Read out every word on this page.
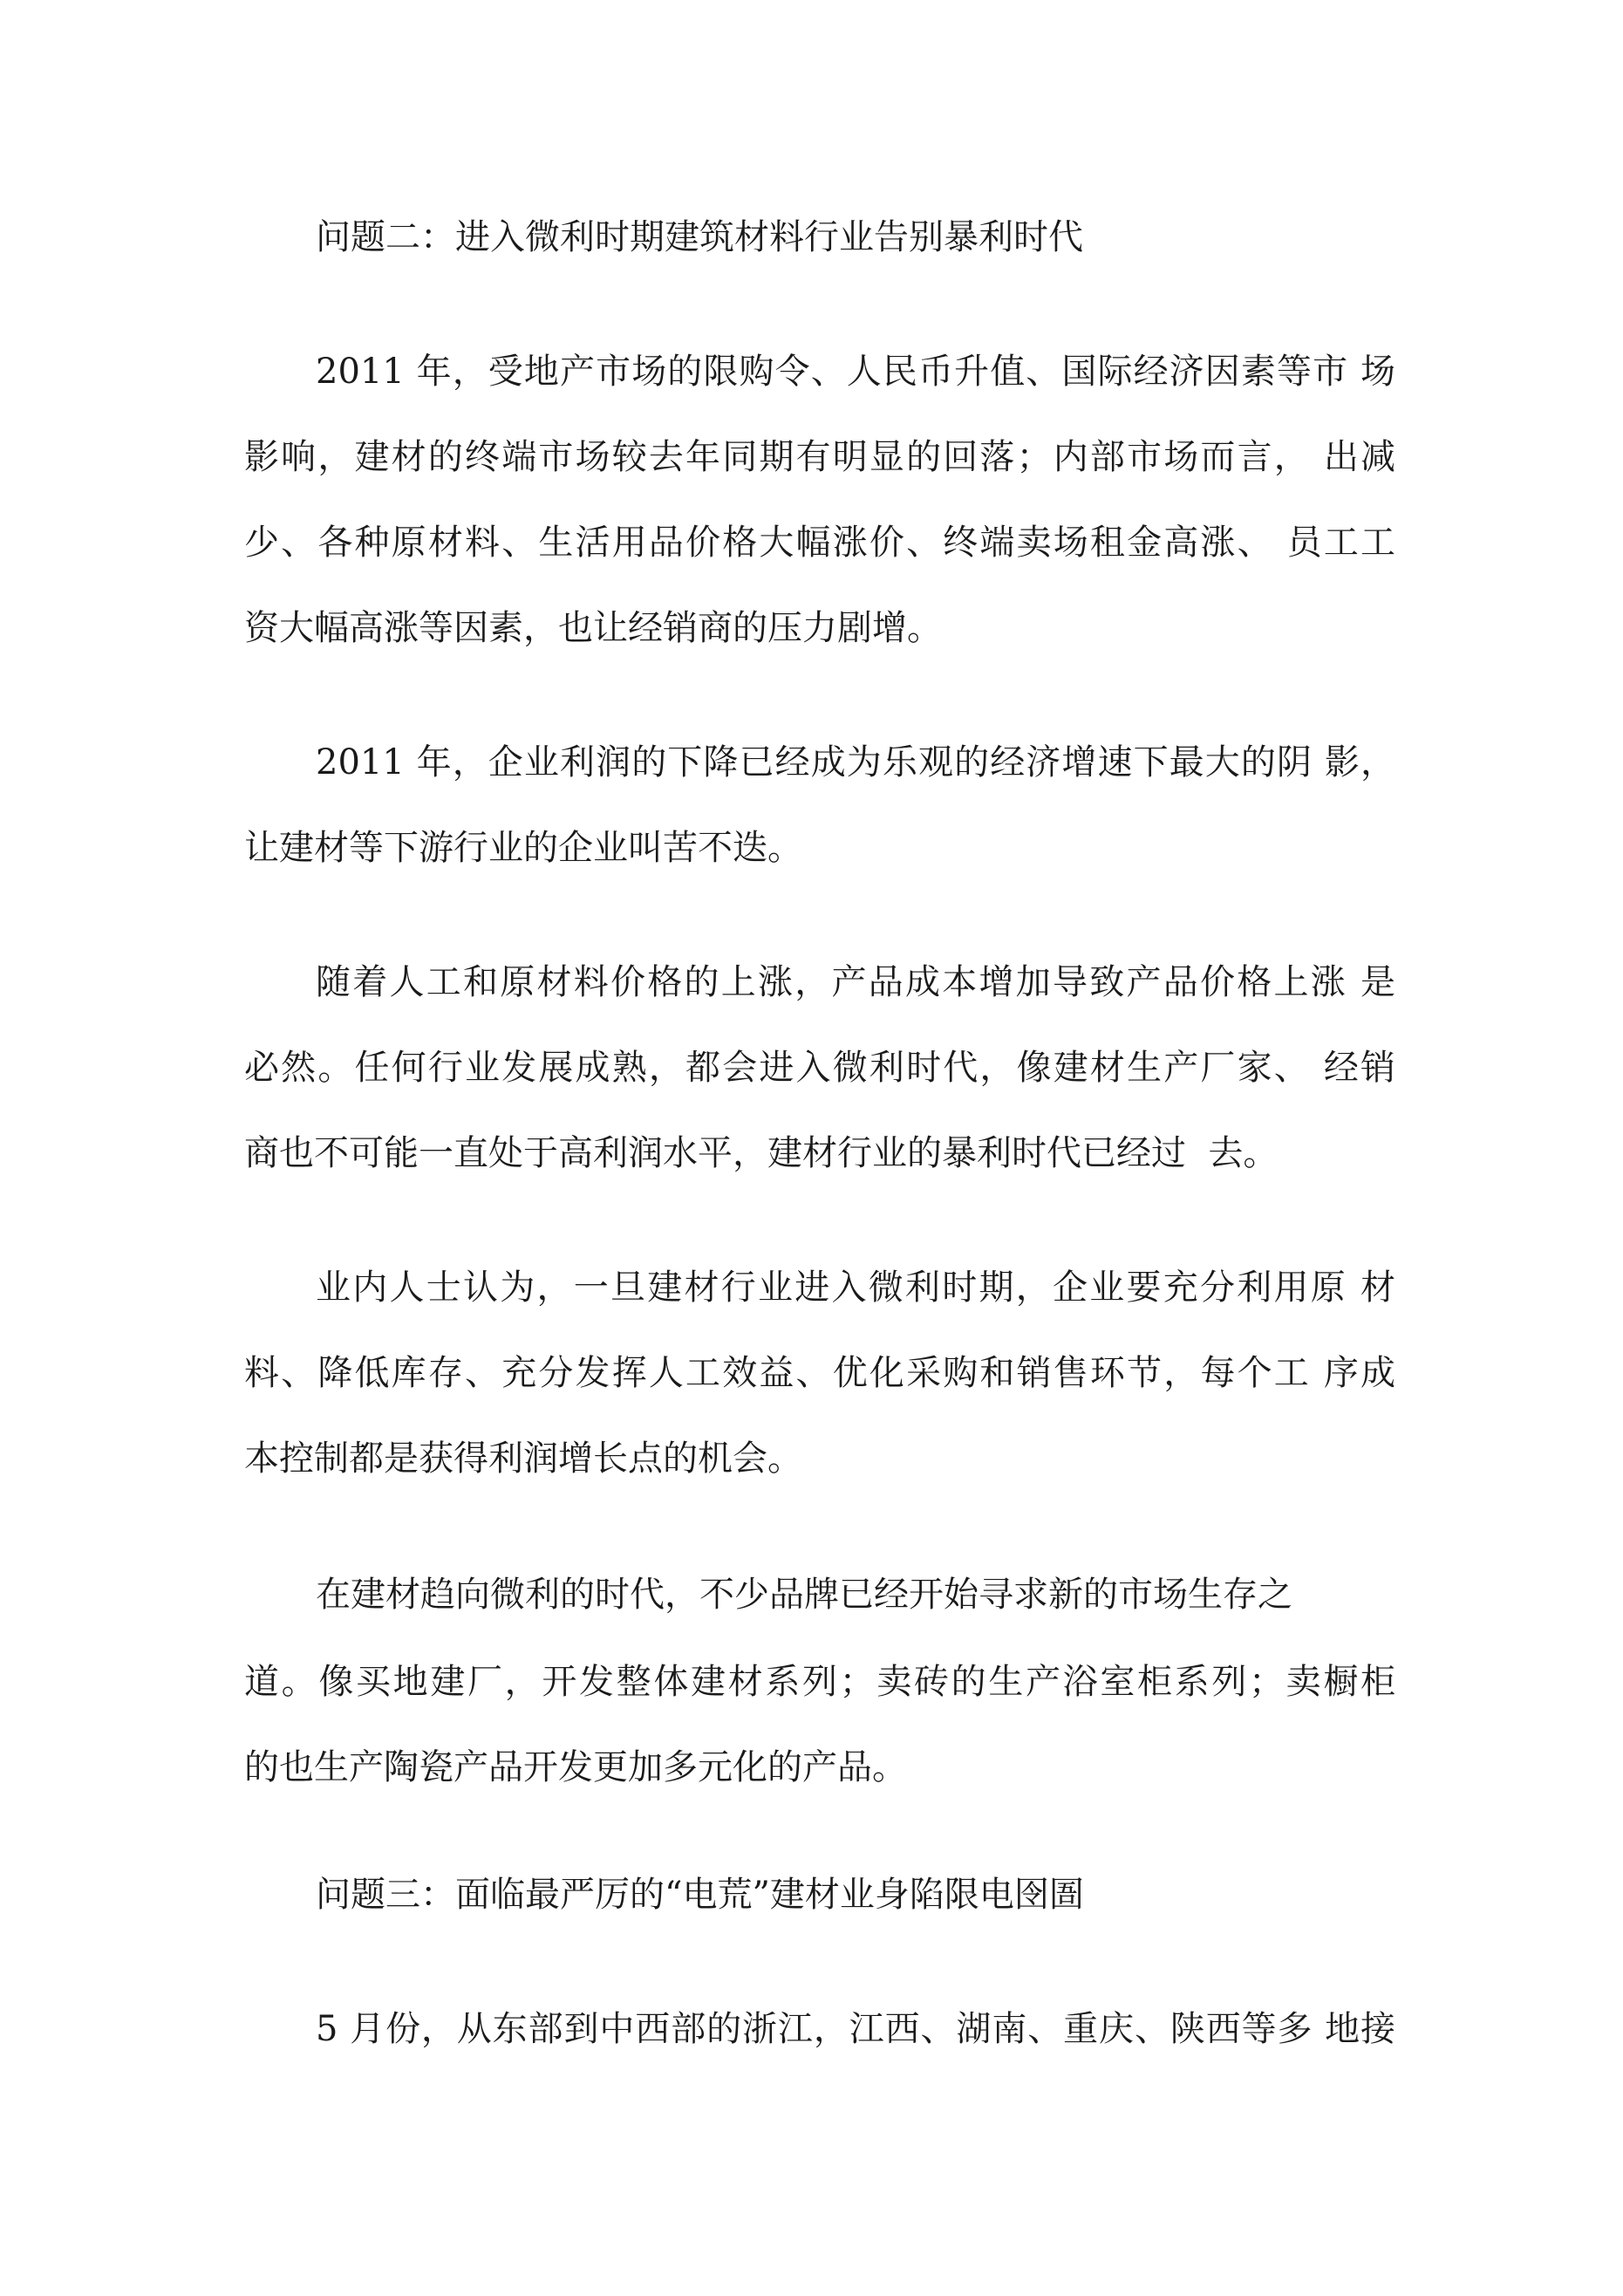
问题二：进入微利时期建筑材料行业告别暴利时代
2011 年，受地产市场的限购令、人民币升值、国际经济因素等市 场
影响，建材的终端市场较去年同期有明显的回落；内部市场而言， 出减
少、各种原材料、生活用品价格大幅涨价、终端卖场租金高涨、 员工工
资大幅高涨等因素，也让经销商的压力剧增。
2011 年，企业利润的下降已经成为乐观的经济增速下最大的阴 影，
让建材等下游行业的企业叫苦不迭。
随着人工和原材料价格的上涨，产品成本增加导致产品价格上涨 是
必然。任何行业发展成熟，都会进入微利时代，像建材生产厂家、 经销
商也不可能一直处于高利润水平，建材行业的暴利时代已经过  去。
业内人士认为，一旦建材行业进入微利时期，企业要充分利用原 材
料、降低库存、充分发挥人工效益、优化采购和销售环节，每个工 序成
本控制都是获得利润增长点的机会。
在建材趋向微利的时代，不少品牌已经开始寻求新的市场生存之
道。像买地建厂，开发整体建材系列；卖砖的生产浴室柜系列；卖橱柜
的也生产陶瓷产品开发更加多元化的产品。
问题三：面临最严厉的“电荒”建材业身陷限电囹圄
5 月份，从东部到中西部的浙江，江西、湖南、重庆、陕西等多 地接
